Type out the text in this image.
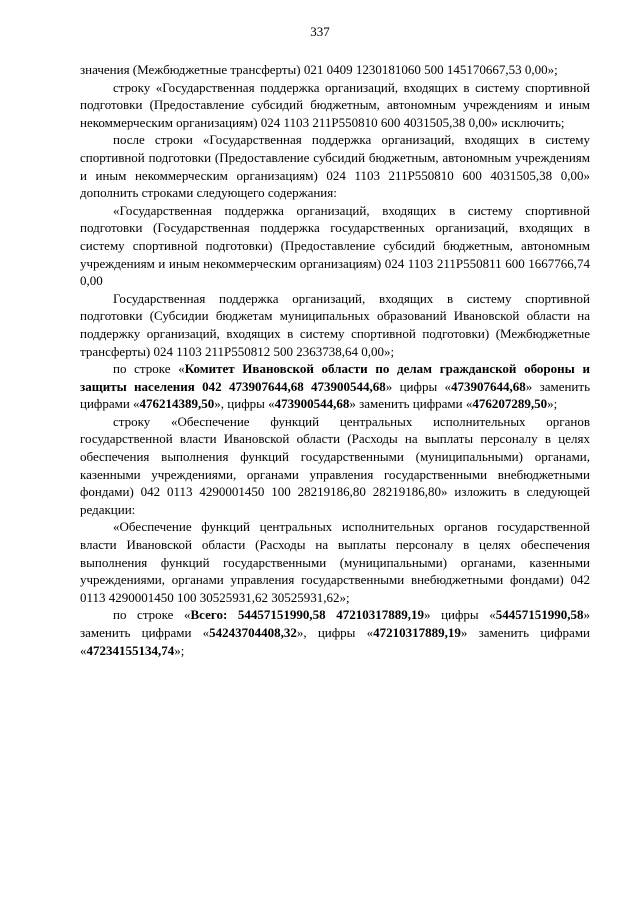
337

значения (Межбюджетные трансферты) 021 0409 1230181060 500 145170667,53 0,00»;

строку «Государственная поддержка организаций, входящих в систему спортивной подготовки (Предоставление субсидий бюджетным, автономным учреждениям и иным некоммерческим организациям) 024 1103 211P550810 600 4031505,38 0,00» исключить;

после строки «Государственная поддержка организаций, входящих в систему спортивной подготовки (Предоставление субсидий бюджетным, автономным учреждениям и иным некоммерческим организациям) 024 1103 211P550810 600 4031505,38 0,00» дополнить строками следующего содержания:

«Государственная поддержка организаций, входящих в систему спортивной подготовки (Государственная поддержка государственных организаций, входящих в систему спортивной подготовки) (Предоставление субсидий бюджетным, автономным учреждениям и иным некоммерческим организациям) 024 1103 211P550811 600 1667766,74 0,00

Государственная поддержка организаций, входящих в систему спортивной подготовки (Субсидии бюджетам муниципальных образований Ивановской области на поддержку организаций, входящих в систему спортивной подготовки) (Межбюджетные трансферты) 024 1103 211P550812 500 2363738,64 0,00»;

по строке «Комитет Ивановской области по делам гражданской обороны и защиты населения 042 473907644,68 473900544,68» цифры «473907644,68» заменить цифрами «476214389,50», цифры «473900544,68» заменить цифрами «476207289,50»;

строку «Обеспечение функций центральных исполнительных органов государственной власти Ивановской области (Расходы на выплаты персоналу в целях обеспечения выполнения функций государственными (муниципальными) органами, казенными учреждениями, органами управления государственными внебюджетными фондами) 042 0113 4290001450 100 28219186,80 28219186,80» изложить в следующей редакции:

«Обеспечение функций центральных исполнительных органов государственной власти Ивановской области (Расходы на выплаты персоналу в целях обеспечения выполнения функций государственными (муниципальными) органами, казенными учреждениями, органами управления государственными внебюджетными фондами) 042 0113 4290001450 100 30525931,62 30525931,62»;

по строке «Всего: 54457151990,58 47210317889,19» цифры «54457151990,58» заменить цифрами «54243704408,32», цифры «47210317889,19» заменить цифрами «47234155134,74»;
